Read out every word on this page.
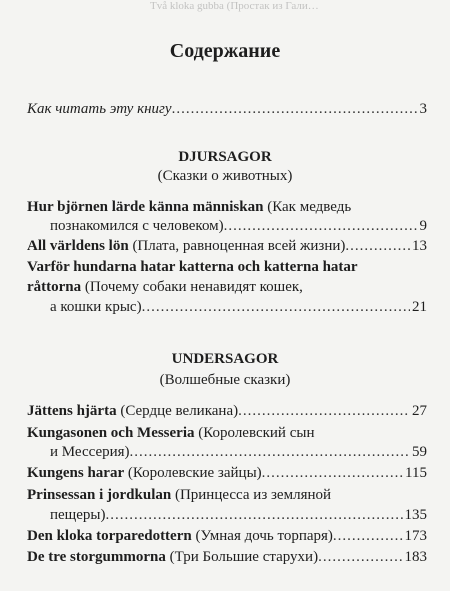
Två kloka gubba (Простак из Гали…
Содержание
Как читать эту книгу .....	3
DJURSAGOR
(Сказки о животных)
Hur björnen lärde känna människan (Как медведь
познакомился с человеком) .....	9
All världens lön (Плата, равноценная всей жизни) .....	13
Varför hundarna hatar katterna och katterna hatar
råttorna (Почему собаки ненавидят кошек,
а кошки крыс) .....	21
UNDERSAGOR
(Волшебные сказки)
Jättens hjärta (Сердце великана) .....	27
Kungasonen och Messeria (Королевский сын
и Мессерия) .....	59
Kungens harar (Королевские зайцы) .....	115
Prinsessan i jordkulan (Принцесса из земляной
пещеры) .....	135
Den kloka torparedottern (Умная дочь торпаря) .....	173
De tre storgummorna (Три Большие старухи) .....	183
